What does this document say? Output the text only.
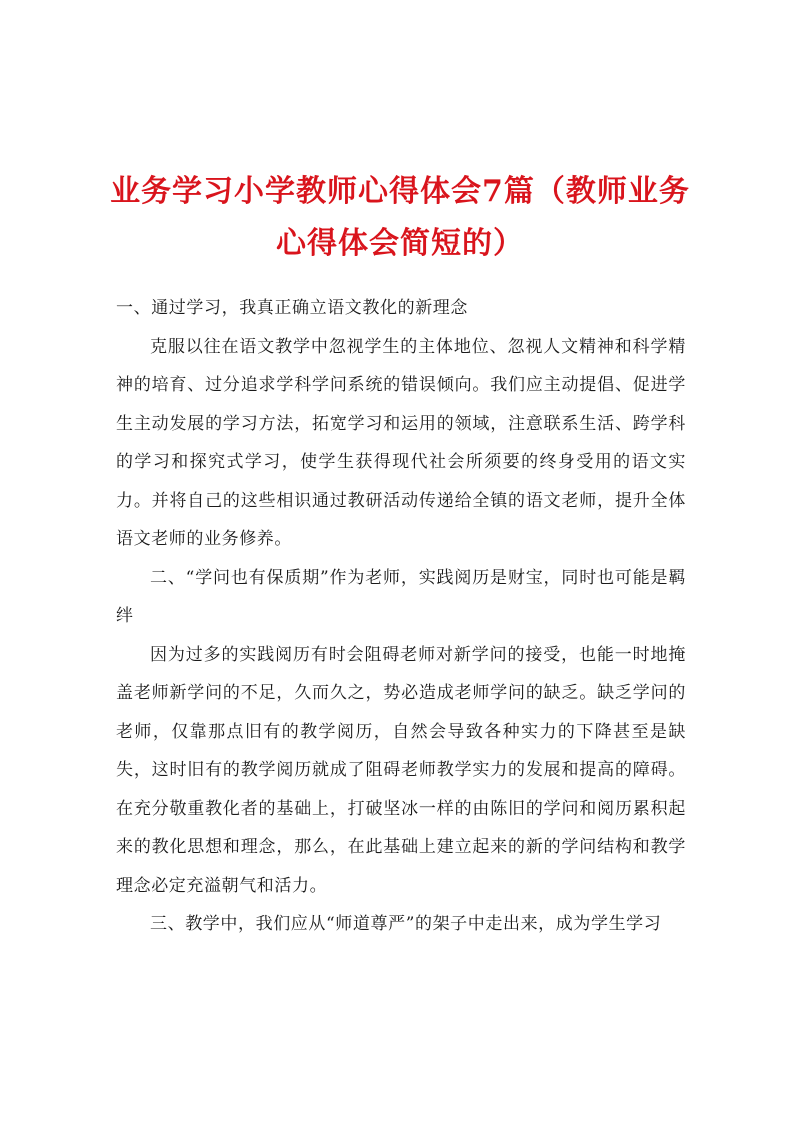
业务学习小学教师心得体会7篇（教师业务心得体会简短的）

一、通过学习，我真正确立语文教化的新理念

克服以往在语文教学中忽视学生的主体地位、忽视人文精神和科学精神的培育、过分追求学科学问系统的错误倾向。我们应主动提倡、促进学生主动发展的学习方法，拓宽学习和运用的领域，注意联系生活、跨学科的学习和探究式学习，使学生获得现代社会所须要的终身受用的语文实力。并将自己的这些相识通过教研活动传递给全镇的语文老师，提升全体语文老师的业务修养。

二、“学问也有保质期”作为老师，实践阅历是财宝，同时也可能是羁绊

因为过多的实践阅历有时会阻碍老师对新学问的接受，也能一时地掩盖老师新学问的不足，久而久之，势必造成老师学问的缺乏。缺乏学问的老师，仅靠那点旧有的教学阅历，自然会导致各种实力的下降甚至是缺失，这时旧有的教学阅历就成了阻碍老师教学实力的发展和提高的障碍。在充分敬重教化者的基础上，打破坚冰一样的由陈旧的学问和阅历累积起来的教化思想和理念，那么，在此基础上建立起来的新的学问结构和教学理念必定充溢朝气和活力。

三、教学中，我们应从“师道尊严”的架子中走出来，成为学生学习
